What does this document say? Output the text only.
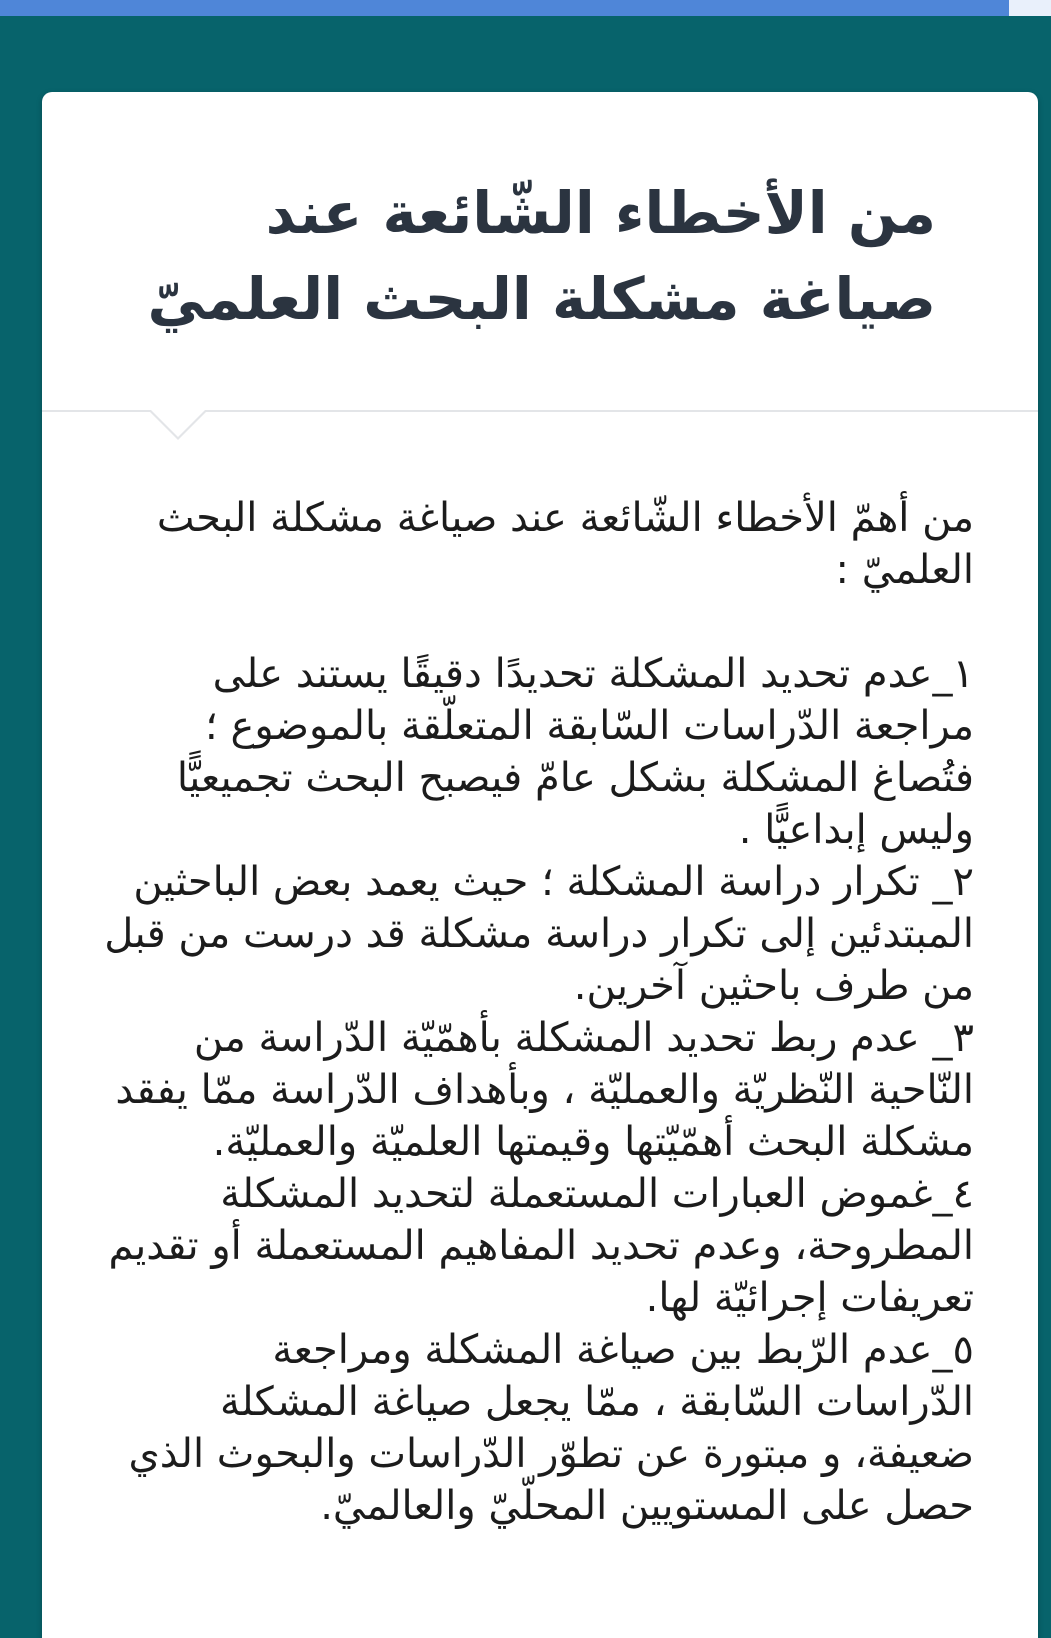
من الأخطاء الشّائعة عند صياغة مشكلة البحث العلميّ

من أهمّ الأخطاء الشّائعة عند صياغة مشكلة البحث العلميّ :

١_عدم تحديد المشكلة تحديدًا دقيقًا يستند على مراجعة الدّراسات السّابقة المتعلّقة بالموضوع ؛ فتُصاغ المشكلة بشكل عامّ فيصبح البحث تجميعيًّا وليس إبداعيًّا .

٢_ تكرار دراسة المشكلة ؛ حيث يعمد بعض الباحثين المبتدئين إلى تكرار دراسة مشكلة قد درست من قبل من طرف باحثين آخرين.

٣_ عدم ربط تحديد المشكلة بأهمّيّة الدّراسة من النّاحية النّظريّة والعمليّة ، وبأهداف الدّراسة ممّا يفقد مشكلة البحث أهمّيّتها وقيمتها العلميّة والعمليّة.

٤_غموض العبارات المستعملة لتحديد المشكلة المطروحة، وعدم تحديد المفاهيم المستعملة أو تقديم تعريفات إجرائيّة لها.

٥_عدم الرّبط بين صياغة المشكلة ومراجعة الدّراسات السّابقة ، ممّا يجعل صياغة المشكلة ضعيفة، و مبتورة عن تطوّر الدّراسات والبحوث الذي حصل على المستويين المحلّيّ والعالميّ.
